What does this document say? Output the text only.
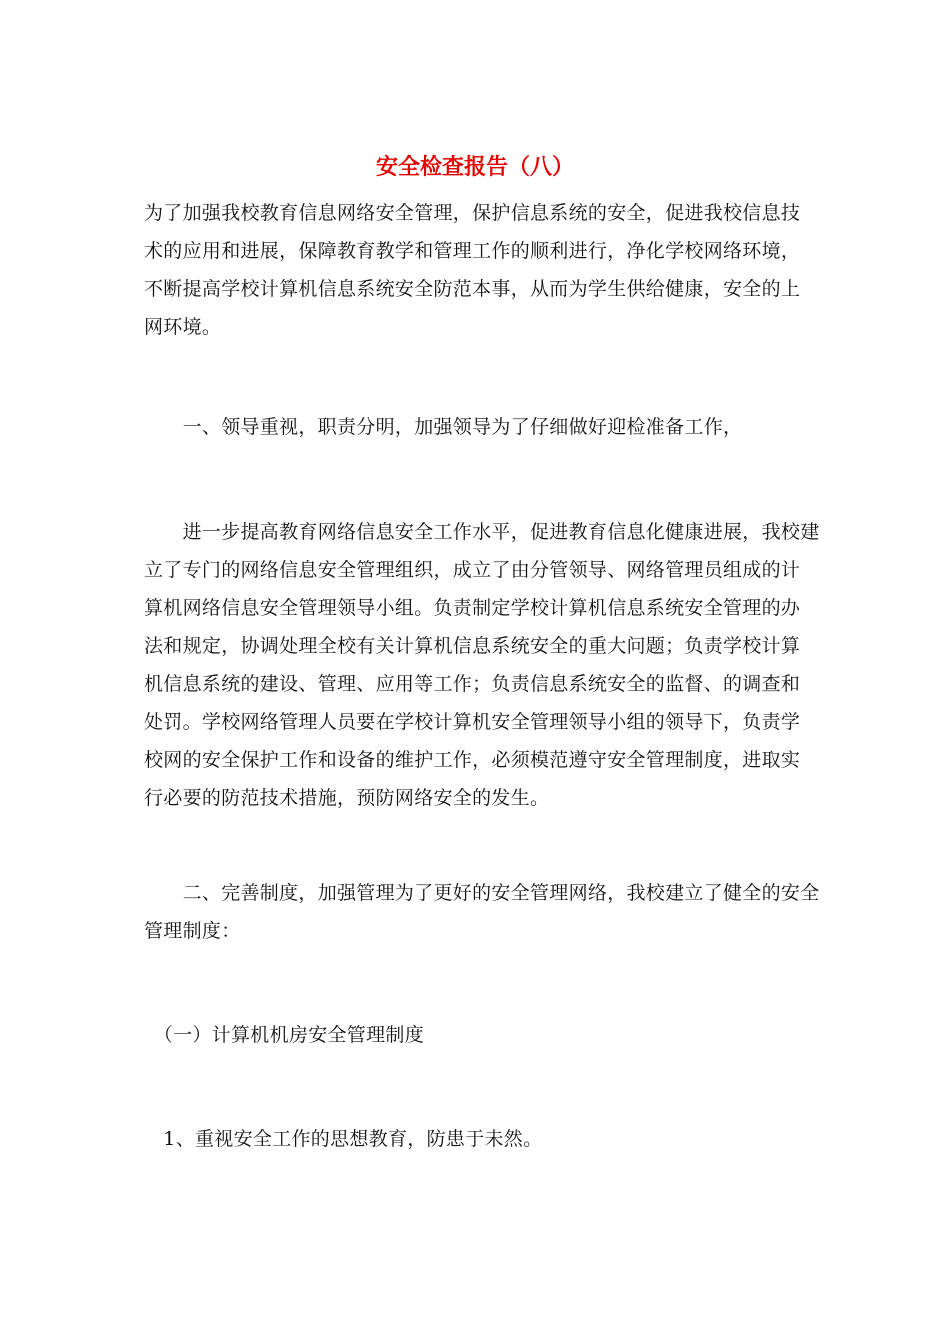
安全检查报告（八）
为了加强我校教育信息网络安全管理，保护信息系统的安全，促进我校信息技
术的应用和进展，保障教育教学和管理工作的顺利进行，净化学校网络环境，
不断提高学校计算机信息系统安全防范本事，从而为学生供给健康，安全的上
网环境。
　　一、领导重视，职责分明，加强领导为了仔细做好迎检准备工作，
　　进一步提高教育网络信息安全工作水平，促进教育信息化健康进展，我校建
立了专门的网络信息安全管理组织，成立了由分管领导、网络管理员组成的计
算机网络信息安全管理领导小组。负责制定学校计算机信息系统安全管理的办
法和规定，协调处理全校有关计算机信息系统安全的重大问题；负责学校计算
机信息系统的建设、管理、应用等工作；负责信息系统安全的监督、的调查和
处罚。学校网络管理人员要在学校计算机安全管理领导小组的领导下，负责学
校网的安全保护工作和设备的维护工作，必须模范遵守安全管理制度，进取实
行必要的防范技术措施，预防网络安全的发生。
　　二、完善制度，加强管理为了更好的安全管理网络，我校建立了健全的安全
管理制度：
　（一）计算机机房安全管理制度
　1、重视安全工作的思想教育，防患于未然。
